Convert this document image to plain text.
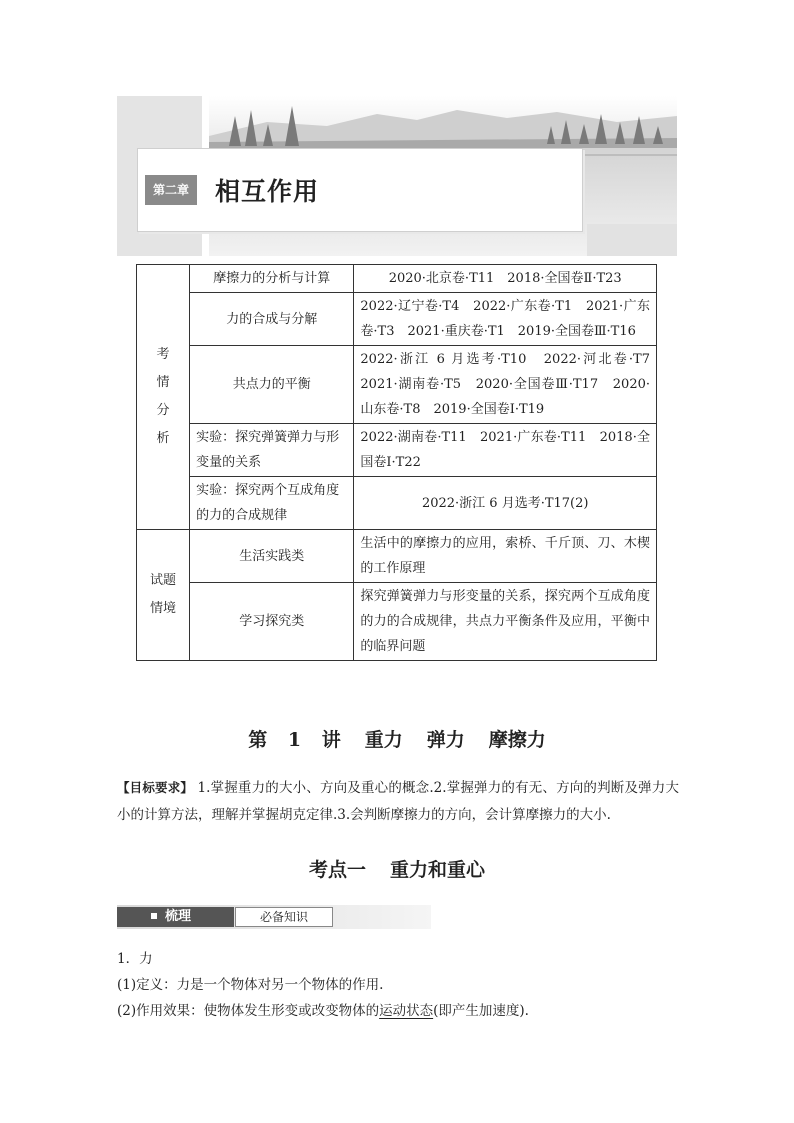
第二章	相互作用
考
情
分
析	摩擦力的分析与计算	2020·北京卷·T11　2018·全国卷Ⅱ·T23
	力的合成与分解	2022·辽宁卷·T4　2022·广东卷·T1　2021·广东卷·T3　2021·重庆卷·T1　2019·全国卷Ⅲ·T16
	共点力的平衡	2022·浙江 6 月选考·T10　2022·河北卷·T7　2021·湖南卷·T5　2020·全国卷Ⅲ·T17　2020·山东卷·T8　2019·全国卷Ⅰ·T19
	实验：探究弹簧弹力与形变量的关系	2022·湖南卷·T11　2021·广东卷·T11　2018·全国卷Ⅰ·T22
	实验：探究两个互成角度的力的合成规律	2022·浙江 6 月选考·T17(2)

试题
情境	生活实践类	生活中的摩擦力的应用，索桥、千斤顶、刀、木楔的工作原理
	学习探究类	探究弹簧弹力与形变量的关系，探究两个互成角度的力的合成规律，共点力平衡条件及应用，平衡中的临界问题
第 1 讲 重力 弹力 摩擦力
【目标要求】 1.掌握重力的大小、方向及重心的概念.2.掌握弹力的有无、方向的判断及弹力大小的计算方法，理解并掌握胡克定律.3.会判断摩擦力的方向，会计算摩擦力的大小.
考点一 重力和重心
梳理	必备知识

1．力

(1)定义：力是一个物体对另一个物体的作用.

(2)作用效果：使物体发生形变或改变物体的运动状态(即产生加速度).
